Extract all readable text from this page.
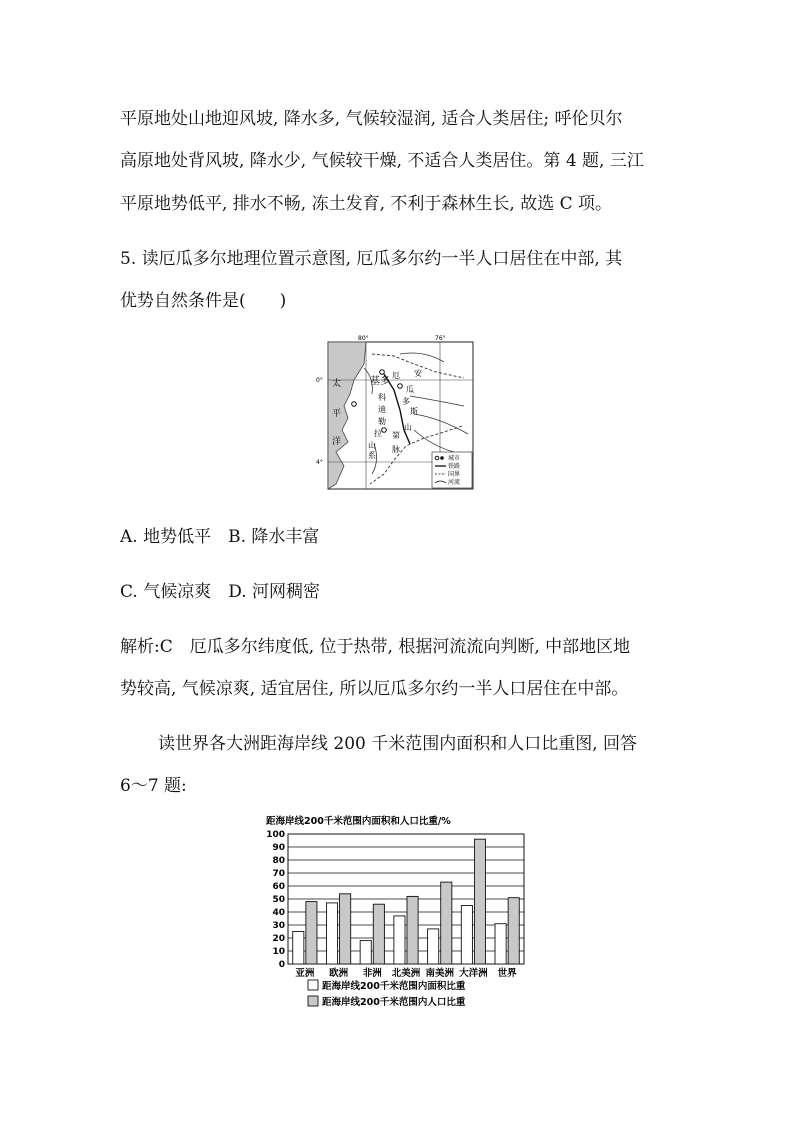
平原地处山地迎风坡, 降水多, 气候较湿润, 适合人类居住; 呼伦贝尔
高原地处背风坡, 降水少, 气候较干燥, 不适合人类居住。第 4 题, 三江
平原地势低平, 排水不畅, 冻土发育, 不利于森林生长, 故选 C 项。
5. 读厄瓜多尔地理位置示意图, 厄瓜多尔约一半人口居住在中部, 其
优势自然条件是(　　)
80°	76°
0°
4°
太
平
洋
基 多
厄
瓜
多
科
迪
勒
拉
山
系
安
第
斯
山
脉
城市
铁路
国界
河流
A. 地势低平　B. 降水丰富
C. 气候凉爽　D. 河网稠密
解析:C　厄瓜多尔纬度低, 位于热带, 根据河流流向判断, 中部地区地
势较高, 气候凉爽, 适宜居住, 所以厄瓜多尔约一半人口居住在中部。
读世界各大洲距海岸线 200 千米范围内面积和人口比重图, 回答
6～7 题:
距海岸线200千米范围内面积和人口比重/%
0
10
20
30
40
50
60
70
80
90
100
亚洲 欧洲 非洲 北美洲 南美洲 大洋洲 世界
距海岸线200千米范围内面积比重
距海岸线200千米范围内人口比重
